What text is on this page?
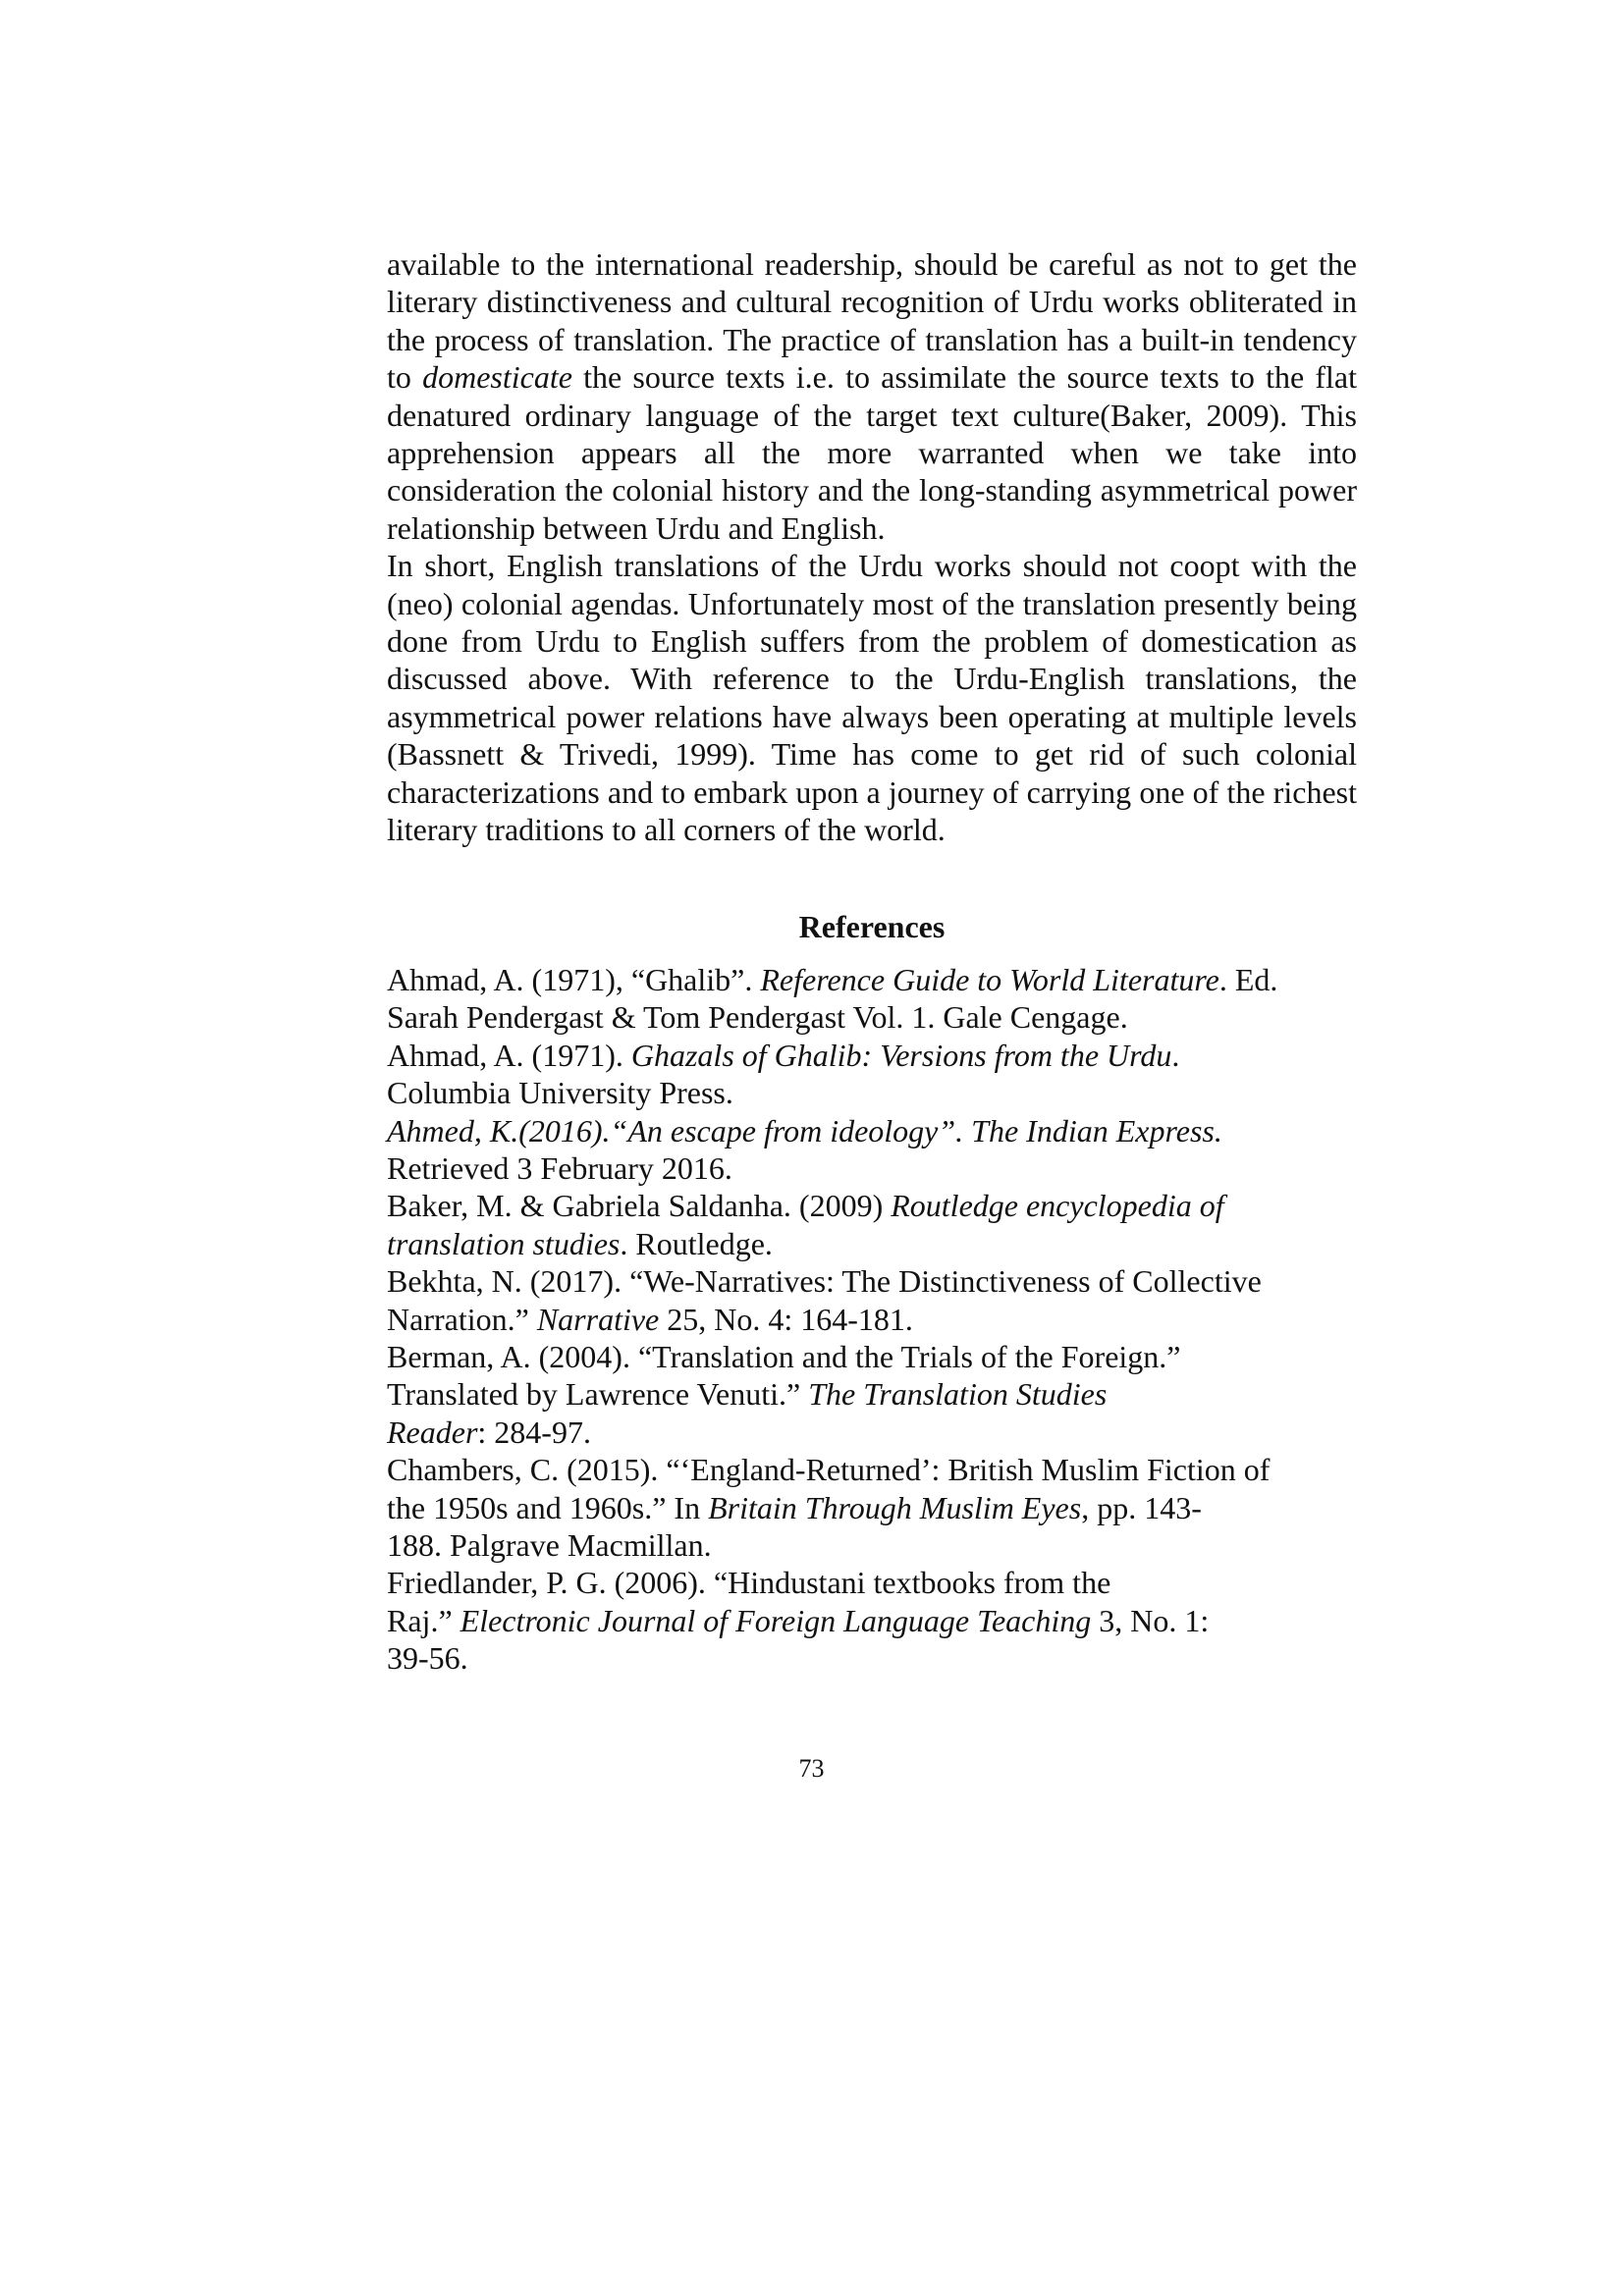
available to the international readership, should be careful as not to get the literary distinctiveness and cultural recognition of Urdu works obliterated in the process of translation. The practice of translation has a built-in tendency to domesticate the source texts i.e. to assimilate the source texts to the flat denatured ordinary language of the target text culture(Baker, 2009). This apprehension appears all the more warranted when we take into consideration the colonial history and the long-standing asymmetrical power relationship between Urdu and English.

In short, English translations of the Urdu works should not coopt with the (neo) colonial agendas. Unfortunately most of the translation presently being done from Urdu to English suffers from the problem of domestication as discussed above. With reference to the Urdu-English translations, the asymmetrical power relations have always been operating at multiple levels (Bassnett & Trivedi, 1999). Time has come to get rid of such colonial characterizations and to embark upon a journey of carrying one of the richest literary traditions to all corners of the world.

References
Ahmad, A. (1971), “Ghalib”. Reference Guide to World Literature. Ed.
Sarah Pendergast & Tom Pendergast Vol. 1. Gale Cengage.
Ahmad, A. (1971). Ghazals of Ghalib: Versions from the Urdu.
Columbia University Press.
Ahmed, K.(2016).“An escape from ideology”. The Indian Express.
Retrieved 3 February 2016.
Baker, M. & Gabriela Saldanha. (2009) Routledge encyclopedia of
translation studies. Routledge.
Bekhta, N. (2017). “We-Narratives: The Distinctiveness of Collective
Narration.” Narrative 25, No. 4: 164-181.
Berman, A. (2004). “Translation and the Trials of the Foreign.”
Translated by Lawrence Venuti.” The Translation Studies
Reader: 284-97.
Chambers, C. (2015). “‘England-Returned’: British Muslim Fiction of
the 1950s and 1960s.” In Britain Through Muslim Eyes, pp. 143-
188. Palgrave Macmillan.
Friedlander, P. G. (2006). “Hindustani textbooks from the
Raj.” Electronic Journal of Foreign Language Teaching 3, No. 1:
39-56.
73
